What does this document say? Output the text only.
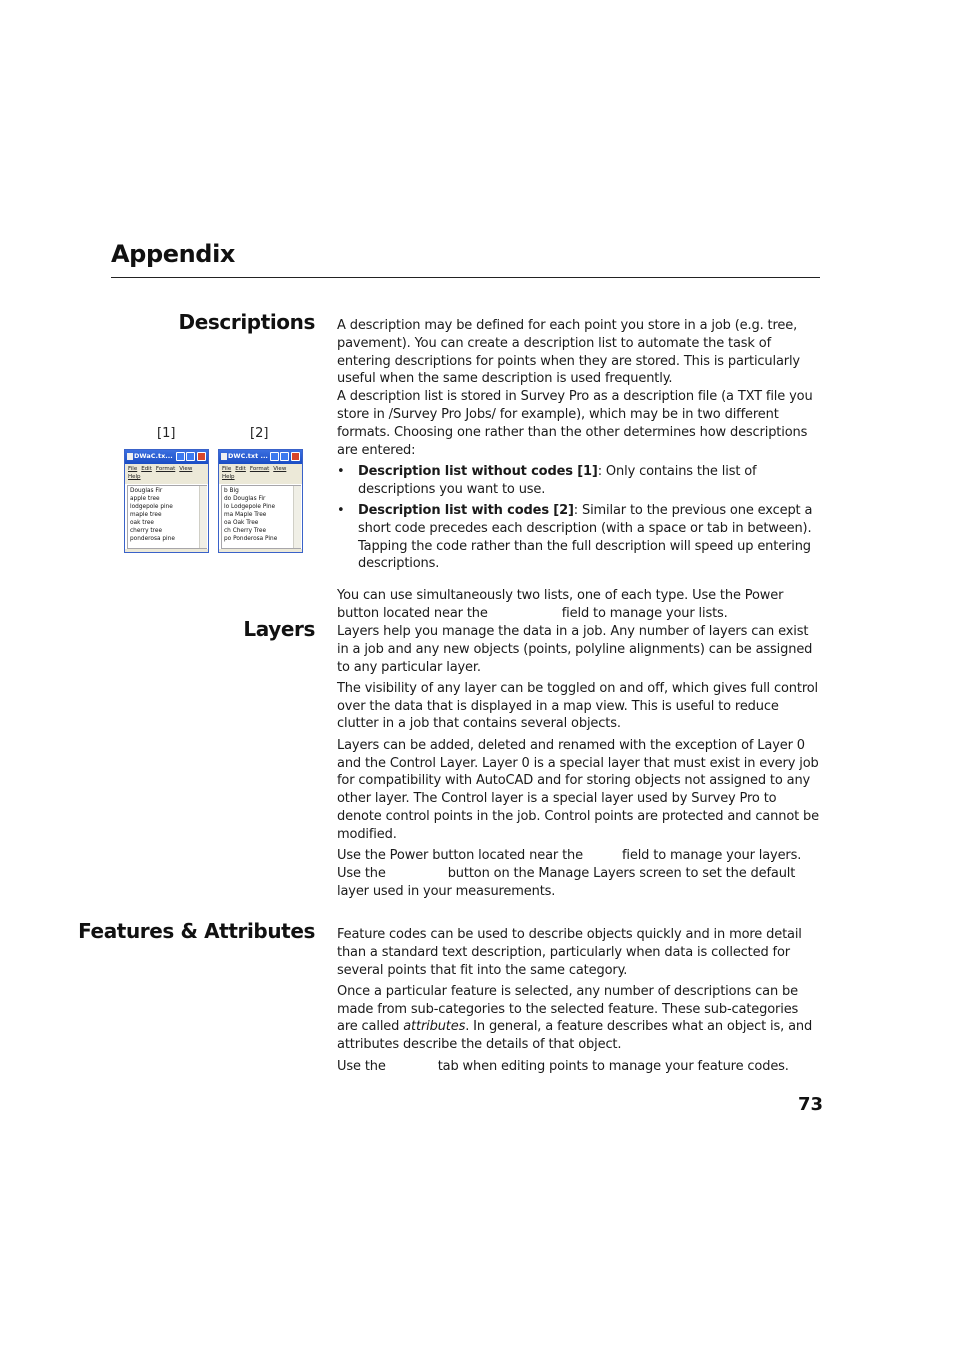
Appendix
Descriptions
[1]	[2]
DWaC.tx...
File Edit Format View
Help
Douglas Fir
apple tree
lodgepole pine
maple tree
oak tree
cherry tree
ponderosa pine
DWC.txt ...
File Edit Format View
Help
b Big
do Douglas Fir
lo Lodgepole Pine
ma Maple Tree
oa Oak Tree
ch Cherry Tree
po Ponderosa Pine

A description may be defined for each point you store in a job (e.g. tree, pavement). You can create a description list to automate the task of entering descriptions for points when they are stored. This is particularly useful when the same description is used frequently.

A description list is stored in Survey Pro as a description file (a TXT file you store in /Survey Pro Jobs/ for example), which may be in two different formats. Choosing one rather than the other determines how descriptions are entered:

• Description list without codes [1]: Only contains the list of descriptions you want to use.
• Description list with codes [2]: Similar to the previous one except a short code precedes each description (with a space or tab in between). Tapping the code rather than the full description will speed up entering descriptions.

You can use simultaneously two lists, one of each type. Use the Power button located near the	field to manage your lists.

Layers Layers help you manage the data in a job. Any number of layers can exist in a job and any new objects (points, polyline alignments) can be assigned to any particular layer.

The visibility of any layer can be toggled on and off, which gives full control over the data that is displayed in a map view. This is useful to reduce clutter in a job that contains several objects.

Layers can be added, deleted and renamed with the exception of Layer 0 and the Control Layer. Layer 0 is a special layer that must exist in every job for compatibility with AutoCAD and for storing objects not assigned to any other layer. The Control layer is a special layer used by Survey Pro to denote control points in the job. Control points are protected and cannot be modified.

Use the Power button located near the	field to manage your layers. Use the	button on the Manage Layers screen to set the default layer used in your measurements.

Features & Attributes Feature codes can be used to describe objects quickly and in more detail than a standard text description, particularly when data is collected for several points that fit into the same category.

Once a particular feature is selected, any number of descriptions can be made from sub-categories to the selected feature. These sub-categories are called attributes. In general, a feature describes what an object is, and attributes describe the details of that object.

Use the	tab when editing points to manage your feature codes.

73
